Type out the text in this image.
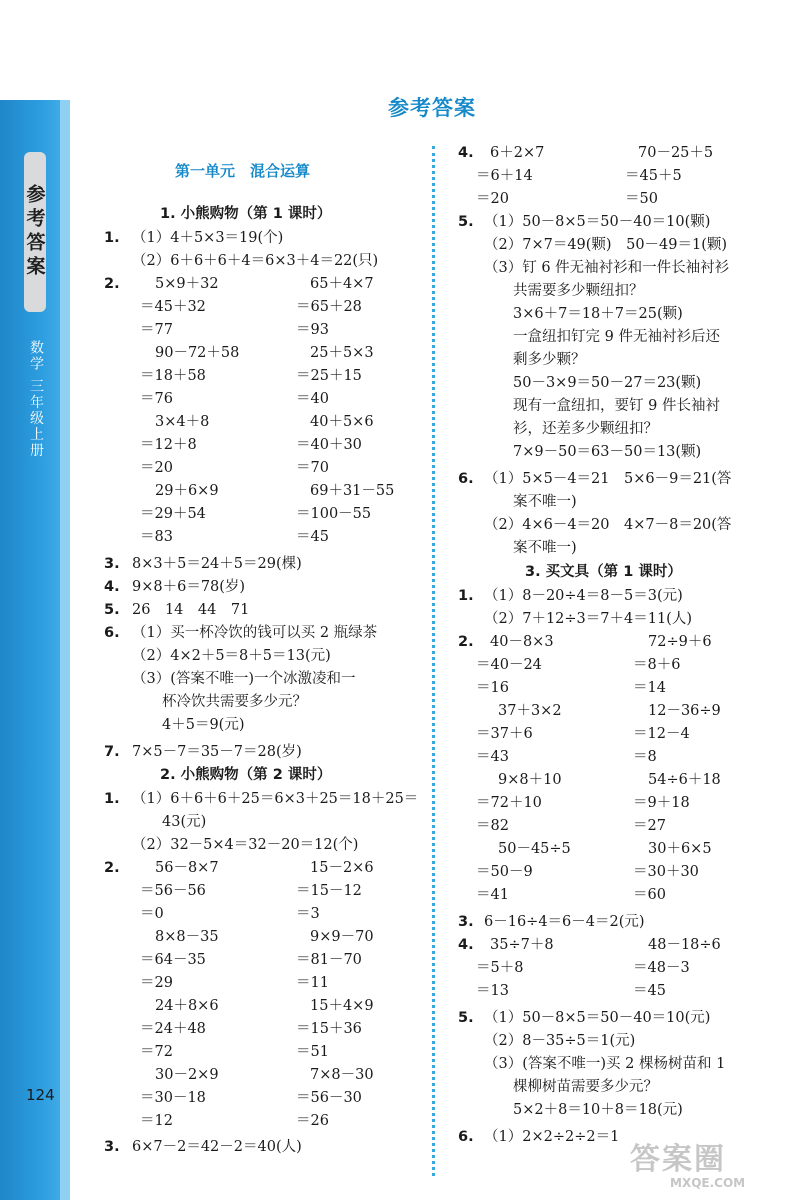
参考答案
数学 三年级上册
124
参考答案
第一单元　混合运算
1. 小熊购物（第 1 课时）
1. （1）4＋5×3＝19(个)
（2）6＋6＋6＋4＝6×3＋4＝22(只)
2. 5×9＋32	65＋4×7
＝45＋32	＝65＋28
＝77	＝93
90－72＋58	25＋5×3
＝18＋58	＝25＋15
＝76	＝40
3×4＋8	40＋5×6
＝12＋8	＝40＋30
＝20	＝70
29＋6×9	69＋31－55
＝29＋54	＝100－55
＝83	＝45
3. 8×3＋5＝24＋5＝29(棵)
4. 9×8＋6＝78(岁)
5. 26　14　44　71
6. （1）买一杯冷饮的钱可以买 2 瓶绿茶
（2）4×2＋5＝8＋5＝13(元)
（3）(答案不唯一)一个冰激凌和一
杯冷饮共需要多少元？
4＋5＝9(元)
7. 7×5－7＝35－7＝28(岁)
2. 小熊购物（第 2 课时）
1. （1）6＋6＋6＋25＝6×3＋25＝18＋25＝
43(元)
（2）32－5×4＝32－20＝12(个)
2. 56－8×7	15－2×6
＝56－56	＝15－12
＝0	＝3
8×8－35	9×9－70
＝64－35	＝81－70
＝29	＝11
24＋8×6	15＋4×9
＝24＋48	＝15＋36
＝72	＝51
30－2×9	7×8－30
＝30－18	＝56－30
＝12	＝26
3. 6×7－2＝42－2＝40(人)
4. 6＋2×7	70－25＋5
＝6＋14	＝45＋5
＝20	＝50
5. （1）50－8×5＝50－40＝10(颗)
（2）7×7＝49(颗)　50－49＝1(颗)
（3）钉 6 件无袖衬衫和一件长袖衬衫
共需要多少颗纽扣？
3×6＋7＝18＋7＝25(颗)
一盒纽扣钉完 9 件无袖衬衫后还
剩多少颗？
50－3×9＝50－27＝23(颗)
现有一盒纽扣，要钉 9 件长袖衬
衫，还差多少颗纽扣？
7×9－50＝63－50＝13(颗)
6. （1）5×5－4＝21　5×6－9＝21(答
案不唯一)
（2）4×6－4＝20　4×7－8＝20(答
案不唯一)
3. 买文具（第 1 课时）
1. （1）8－20÷4＝8－5＝3(元)
（2）7＋12÷3＝7＋4＝11(人)
2. 40－8×3	72÷9＋6
＝40－24	＝8＋6
＝16	＝14
37＋3×2	12－36÷9
＝37＋6	＝12－4
＝43	＝8
9×8＋10	54÷6＋18
＝72＋10	＝9＋18
＝82	＝27
50－45÷5	30＋6×5
＝50－9	＝30＋30
＝41	＝60
3. 6－16÷4＝6－4＝2(元)
4. 35÷7＋8	48－18÷6
＝5＋8	＝48－3
＝13	＝45
5. （1）50－8×5＝50－40＝10(元)
（2）8－35÷5＝1(元)
（3）(答案不唯一)买 2 棵杨树苗和 1
棵柳树苗需要多少元？
5×2＋8＝10＋8＝18(元)
6. （1）2×2÷2÷2＝1
答案圈
MXQE.COM
